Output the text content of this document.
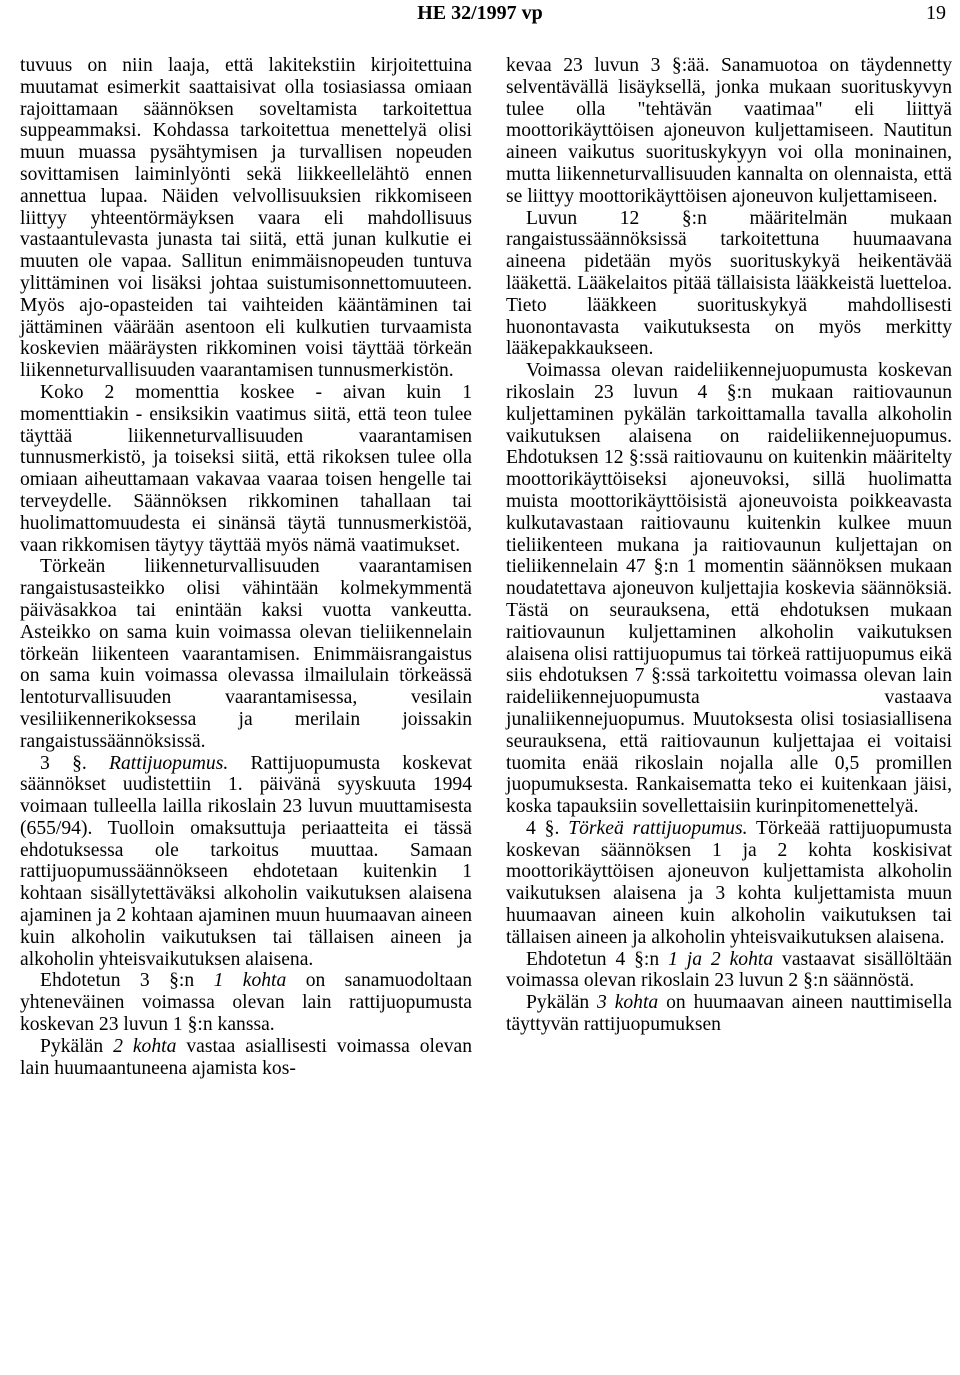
HE 32/1997 vp	19

tuvuus on niin laaja, että lakitekstiin kirjoitettuina muutamat esimerkit saattaisivat olla tosiasiassa omiaan rajoittamaan säännöksen soveltamista tarkoitettua suppeammaksi. Kohdassa tarkoitettua menettelyä olisi muun muassa pysähtymisen ja turvallisen nopeuden sovittamisen laiminlyönti sekä liikkeellelähtö ennen annettua lupaa. Näiden velvollisuuksien rikkomiseen liittyy yhteentörmäyksen vaara eli mahdollisuus vastaantulevasta junasta tai siitä, että junan kulkutie ei muuten ole vapaa. Sallitun enimmäisnopeuden tuntuva ylittäminen voi lisäksi johtaa suistumisonnettomuuteen. Myös ajo-opasteiden tai vaihteiden kääntäminen tai jättäminen väärään asentoon eli kulkutien turvaamista koskevien määräysten rikkominen voisi täyttää törkeän liikenneturvallisuuden vaarantamisen tunnusmerkistön.

Koko 2 momenttia koskee - aivan kuin 1 momenttiakin - ensiksikin vaatimus siitä, että teon tulee täyttää liikenneturvallisuuden vaarantamisen tunnusmerkistö, ja toiseksi siitä, että rikoksen tulee olla omiaan aiheuttamaan vakavaa vaaraa toisen hengelle tai terveydelle. Säännöksen rikkominen tahallaan tai huolimattomuudesta ei sinänsä täytä tunnusmerkistöä, vaan rikkomisen täytyy täyttää myös nämä vaatimukset.

Törkeän liikenneturvallisuuden vaarantamisen rangaistusasteikko olisi vähintään kolmekymmentä päiväsakkoa tai enintään kaksi vuotta vankeutta. Asteikko on sama kuin voimassa olevan tieliikennelain törkeän liikenteen vaarantamisen. Enimmäisrangaistus on sama kuin voimassa olevassa ilmailulain törkeässä lentoturvallisuuden vaarantamisessa, vesilain vesiliikennerikoksessa ja merilain joissakin rangaistussäännöksissä.

3 §. Rattijuopumus. Rattijuopumusta koskevat säännökset uudistettiin 1. päivänä syyskuuta 1994 voimaan tulleella lailla rikoslain 23 luvun muuttamisesta (655/94). Tuolloin omaksuttuja periaatteita ei tässä ehdotuksessa ole tarkoitus muuttaa. Samaan rattijuopumussäännökseen ehdotetaan kuitenkin 1 kohtaan sisällytettäväksi alkoholin vaikutuksen alaisena ajaminen ja 2 kohtaan ajaminen muun huumaavan aineen kuin alkoholin vaikutuksen tai tällaisen aineen ja alkoholin yhteisvaikutuksen alaisena.

Ehdotetun 3 §:n 1 kohta on sanamuodoltaan yhteneväinen voimassa olevan lain rattijuopumusta koskevan 23 luvun 1 §:n kanssa.

Pykälän 2 kohta vastaa asiallisesti voimassa olevan lain huumaantuneena ajamista kos-

kevaa 23 luvun 3 §:ää. Sanamuotoa on täydennetty selventävällä lisäyksellä, jonka mukaan suorituskyvyn tulee olla "tehtävän vaatimaa" eli liittyä moottorikäyttöisen ajoneuvon kuljettamiseen. Nautitun aineen vaikutus suorituskykyyn voi olla moninainen, mutta liikenneturvallisuuden kannalta on olennaista, että se liittyy moottorikäyttöisen ajoneuvon kuljettamiseen.

Luvun 12 §:n määritelmän mukaan rangaistussäännöksissä tarkoitettuna huumaavana aineena pidetään myös suorituskykyä heikentävää lääkettä. Lääkelaitos pitää tällaisista lääkkeistä luetteloa. Tieto lääkkeen suorituskykyä mahdollisesti huonontavasta vaikutuksesta on myös merkitty lääkepakkaukseen.

Voimassa olevan raideliikennejuopumusta koskevan rikoslain 23 luvun 4 §:n mukaan raitiovaunun kuljettaminen pykälän tarkoittamalla tavalla alkoholin vaikutuksen alaisena on raideliikennejuopumus. Ehdotuksen 12 §:ssä raitiovaunu on kuitenkin määritelty moottorikäyttöiseksi ajoneuvoksi, sillä huolimatta muista moottorikäyttöisistä ajoneuvoista poikkeavasta kulkutavastaan raitiovaunu kuitenkin kulkee muun tieliikenteen mukana ja raitiovaunun kuljettajan on tieliikennelain 47 §:n 1 momentin säännöksen mukaan noudatettava ajoneuvon kuljettajia koskevia säännöksiä. Tästä on seurauksena, että ehdotuksen mukaan raitiovaunun kuljettaminen alkoholin vaikutuksen alaisena olisi rattijuopumus tai törkeä rattijuopumus eikä siis ehdotuksen 7 §:ssä tarkoitettu voimassa olevan lain raideliikennejuopumusta vastaava junaliikennejuopumus. Muutoksesta olisi tosiasiallisena seurauksena, että raitiovaunun kuljettajaa ei voitaisi tuomita enää rikoslain nojalla alle 0,5 promillen juopumuksesta. Rankaisematta teko ei kuitenkaan jäisi, koska tapauksiin sovellettaisiin kurinpitomenettelyä.

4 §. Törkeä rattijuopumus. Törkeää rattijuopumusta koskevan säännöksen 1 ja 2 kohta koskisivat moottorikäyttöisen ajoneuvon kuljettamista alkoholin vaikutuksen alaisena ja 3 kohta kuljettamista muun huumaavan aineen kuin alkoholin vaikutuksen tai tällaisen aineen ja alkoholin yhteisvaikutuksen alaisena.

Ehdotetun 4 §:n 1 ja 2 kohta vastaavat sisällöltään voimassa olevan rikoslain 23 luvun 2 §:n säännöstä.

Pykälän 3 kohta on huumaavan aineen nauttimisella täyttyvän rattijuopumuksen
